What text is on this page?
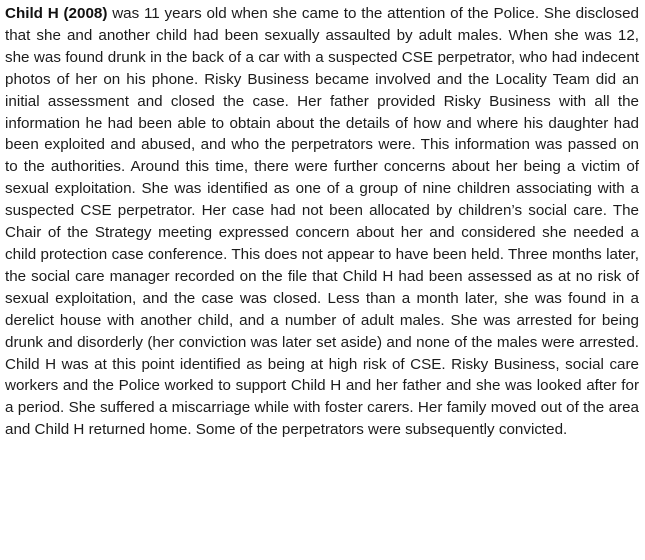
Child H (2008) was 11 years old when she came to the attention of the Police. She disclosed that she and another child had been sexually assaulted by adult males. When she was 12, she was found drunk in the back of a car with a suspected CSE perpetrator, who had indecent photos of her on his phone. Risky Business became involved and the Locality Team did an initial assessment and closed the case. Her father provided Risky Business with all the information he had been able to obtain about the details of how and where his daughter had been exploited and abused, and who the perpetrators were. This information was passed on to the authorities. Around this time, there were further concerns about her being a victim of sexual exploitation. She was identified as one of a group of nine children associating with a suspected CSE perpetrator. Her case had not been allocated by children’s social care. The Chair of the Strategy meeting expressed concern about her and considered she needed a child protection case conference. This does not appear to have been held. Three months later, the social care manager recorded on the file that Child H had been assessed as at no risk of sexual exploitation, and the case was closed. Less than a month later, she was found in a derelict house with another child, and a number of adult males. She was arrested for being drunk and disorderly (her conviction was later set aside) and none of the males were arrested. Child H was at this point identified as being at high risk of CSE. Risky Business, social care workers and the Police worked to support Child H and her father and she was looked after for a period. She suffered a miscarriage while with foster carers. Her family moved out of the area and Child H returned home. Some of the perpetrators were subsequently convicted.
